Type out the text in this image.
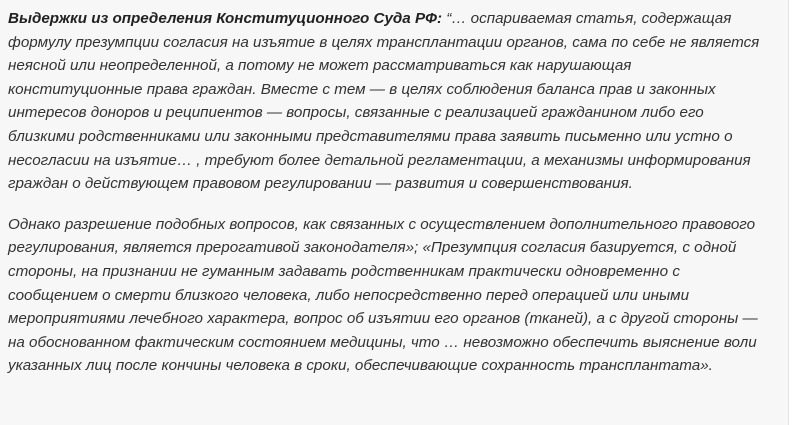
Выдержки из определения Конституционного Суда РФ: “… оспариваемая статья, содержащая формулу презумпции согласия на изъятие в целях трансплантации органов, сама по себе не является неясной или неопределенной, а потому не может рассматриваться как нарушающая конституционные права граждан. Вместе с тем — в целях соблюдения баланса прав и законных интересов доноров и реципиентов — вопросы, связанные с реализацией гражданином либо его близкими родственниками или законными представителями права заявить письменно или устно о несогласии на изъятие… , требуют более детальной регламентации, а механизмы информирования граждан о действующем правовом регулировании — развития и совершенствования.

Однако разрешение подобных вопросов, как связанных с осуществлением дополнительного правового регулирования, является прерогативой законодателя»; «Презумпция согласия базируется, с одной стороны, на признании не гуманным задавать родственникам практически одновременно с сообщением о смерти близкого человека, либо непосредственно перед операцией или иными мероприятиями лечебного характера, вопрос об изъятии его органов (тканей), а с другой стороны — на обоснованном фактическим состоянием медицины, что … невозможно обеспечить выяснение воли указанных лиц после кончины человека в сроки, обеспечивающие сохранность трансплантата».
